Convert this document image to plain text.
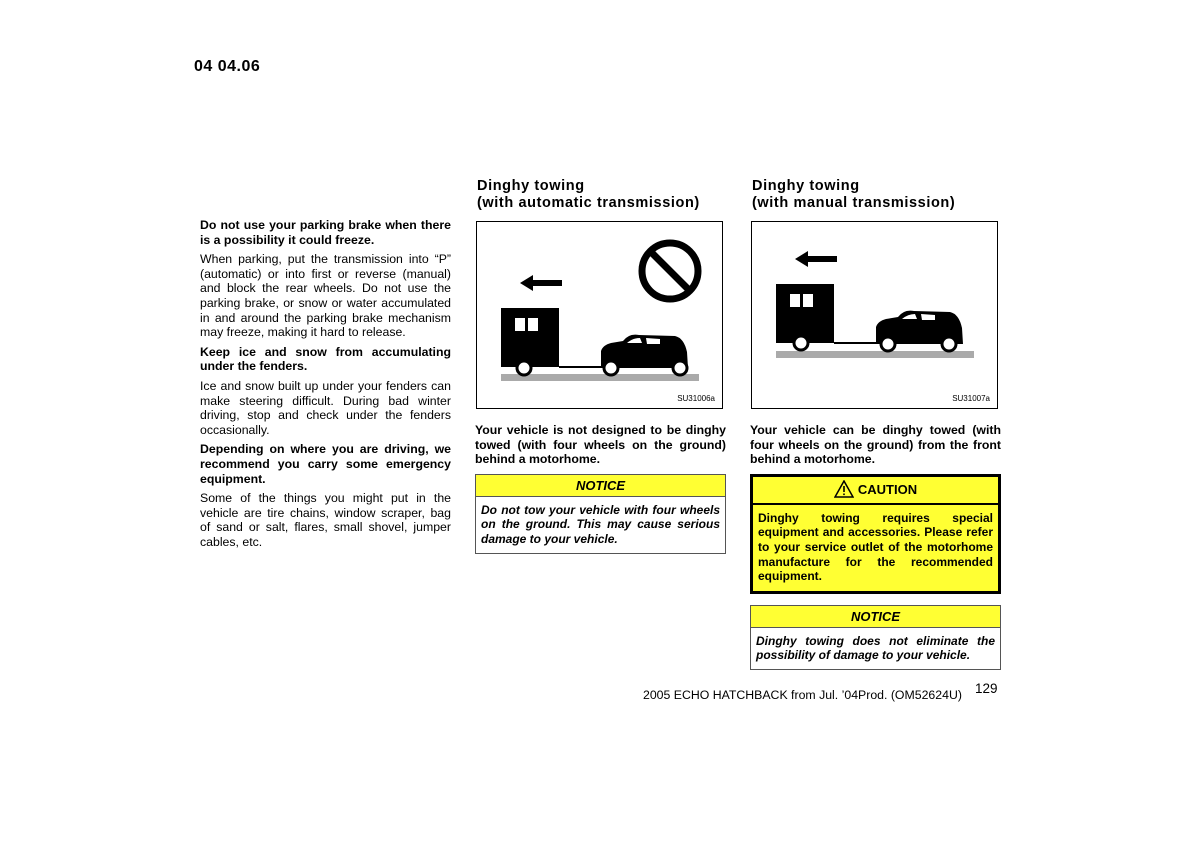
04 04.06

Do not use your parking brake when there is a possibility it could freeze.

When parking, put the transmission into “P” (automatic) or into first or reverse (manual) and block the rear wheels. Do not use the parking brake, or snow or water accumulated in and around the parking brake mechanism may freeze, making it hard to release.

Keep ice and snow from accumulating under the fenders.

Ice and snow built up under your fenders can make steering difficult. During bad winter driving, stop and check under the fenders occasionally.

Depending on where you are driving, we recommend you carry some emergency equipment.

Some of the things you might put in the vehicle are tire chains, window scraper, bag of sand or salt, flares, small shovel, jumper cables, etc.

Dinghy towing
(with automatic transmission)
SU31006a

Your vehicle is not designed to be dinghy towed (with four wheels on the ground) behind a motorhome.

NOTICE
Do not tow your vehicle with four wheels on the ground. This may cause serious damage to your vehicle.
Dinghy towing
(with manual transmission)
SU31007a

Your vehicle can be dinghy towed (with four wheels on the ground) from the front behind a motorhome.

CAUTION
Dinghy towing requires special equipment and accessories. Please refer to your service outlet of the motorhome manufacture for the recommended equipment.
NOTICE
Dinghy towing does not eliminate the possibility of damage to your vehicle.
2005 ECHO HATCHBACK from Jul. ’04Prod. (OM52624U) 129
